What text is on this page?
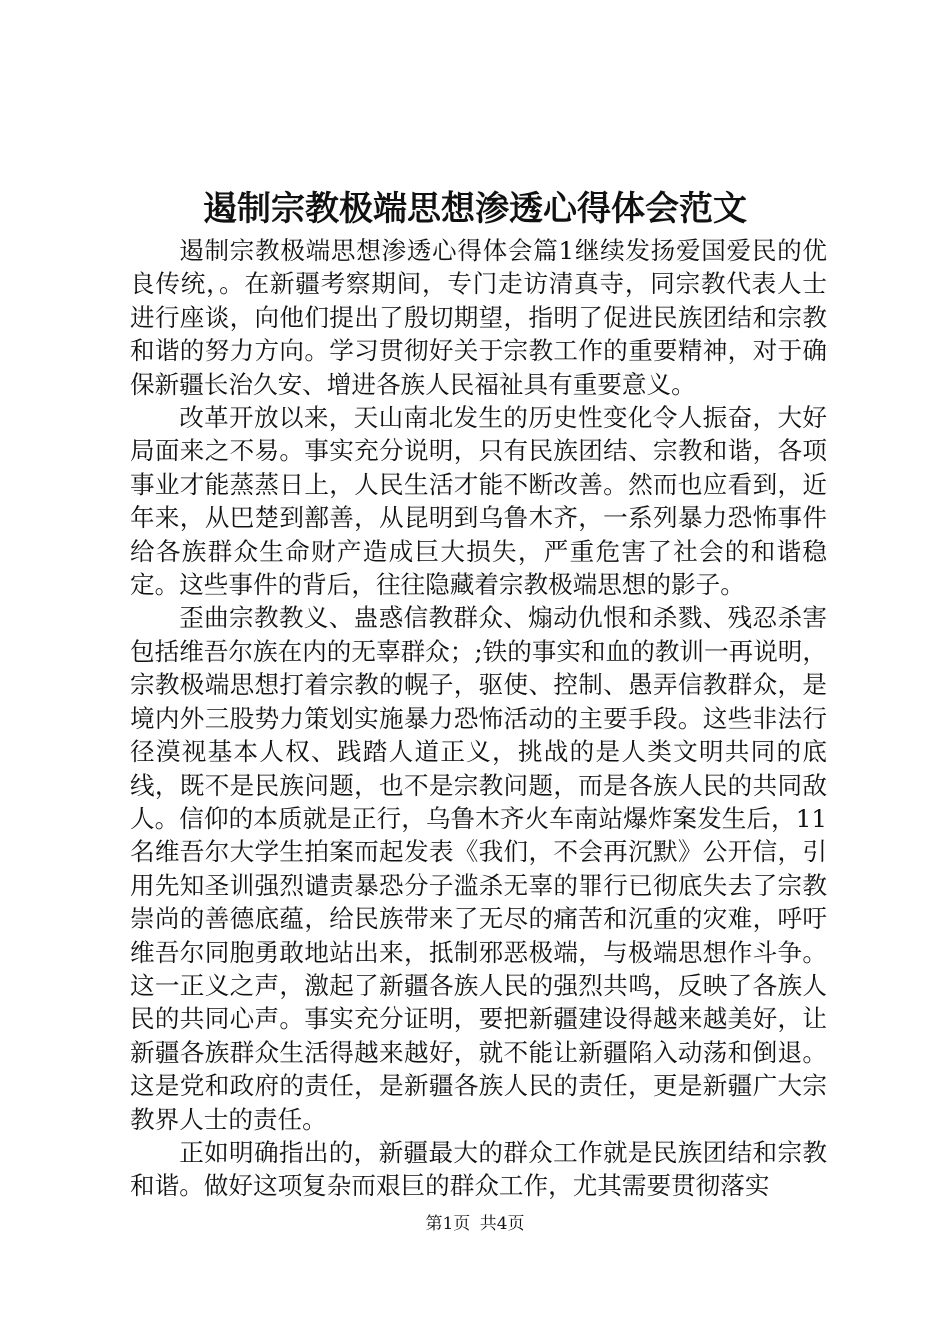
遏制宗教极端思想渗透心得体会范文

遏制宗教极端思想渗透心得体会篇1继续发扬爱国爱民的优良传统，。在新疆考察期间，专门走访清真寺，同宗教代表人士进行座谈，向他们提出了殷切期望，指明了促进民族团结和宗教和谐的努力方向。学习贯彻好关于宗教工作的重要精神，对于确保新疆长治久安、增进各族人民福祉具有重要意义。

改革开放以来，天山南北发生的历史性变化令人振奋，大好局面来之不易。事实充分说明，只有民族团结、宗教和谐，各项事业才能蒸蒸日上，人民生活才能不断改善。然而也应看到，近年来，从巴楚到鄯善，从昆明到乌鲁木齐，一系列暴力恐怖事件给各族群众生命财产造成巨大损失，严重危害了社会的和谐稳定。这些事件的背后，往往隐藏着宗教极端思想的影子。

歪曲宗教教义、蛊惑信教群众、煽动仇恨和杀戮、残忍杀害包括维吾尔族在内的无辜群众；;铁的事实和血的教训一再说明，宗教极端思想打着宗教的幌子，驱使、控制、愚弄信教群众，是境内外三股势力策划实施暴力恐怖活动的主要手段。这些非法行径漠视基本人权、践踏人道正义，挑战的是人类文明共同的底线，既不是民族问题，也不是宗教问题，而是各族人民的共同敌人。信仰的本质就是正行，乌鲁木齐火车南站爆炸案发生后，11名维吾尔大学生拍案而起发表《我们，不会再沉默》公开信，引用先知圣训强烈谴责暴恐分子滥杀无辜的罪行已彻底失去了宗教崇尚的善德底蕴，给民族带来了无尽的痛苦和沉重的灾难，呼吁维吾尔同胞勇敢地站出来，抵制邪恶极端，与极端思想作斗争。这一正义之声，激起了新疆各族人民的强烈共鸣，反映了各族人民的共同心声。事实充分证明，要把新疆建设得越来越美好，让新疆各族群众生活得越来越好，就不能让新疆陷入动荡和倒退。这是党和政府的责任，是新疆各族人民的责任，更是新疆广大宗教界人士的责任。

正如明确指出的，新疆最大的群众工作就是民族团结和宗教和谐。做好这项复杂而艰巨的群众工作，尤其需要贯彻落实

第1页 共4页
